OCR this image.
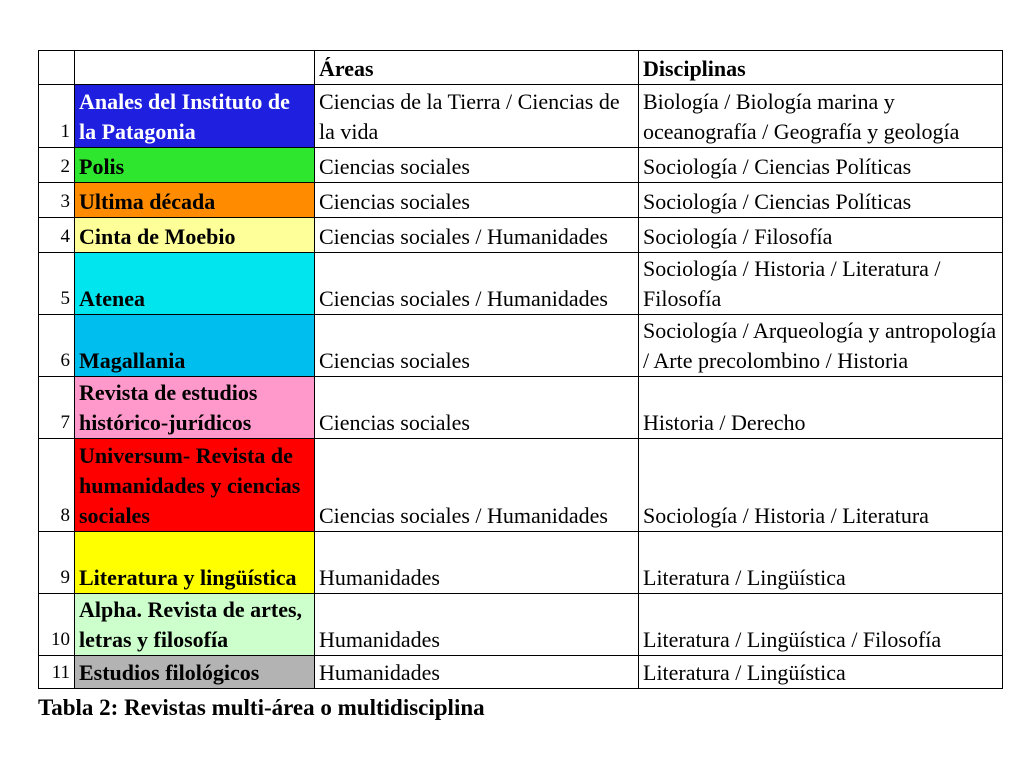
		Áreas	Disciplinas
1	Anales del Instituto de la Patagonia	Ciencias de la Tierra / Ciencias de la vida	Biología / Biología marina y oceanografía / Geografía y geología
2	Polis	Ciencias sociales	Sociología / Ciencias Políticas
3	Ultima década	Ciencias sociales	Sociología / Ciencias Políticas
4	Cinta de Moebio	Ciencias sociales / Humanidades	Sociología / Filosofía
5	Atenea	Ciencias sociales / Humanidades	Sociología / Historia / Literatura / Filosofía
6	Magallania	Ciencias sociales	Sociología / Arqueología y antropología / Arte precolombino / Historia
7	Revista de estudios histórico-jurídicos	Ciencias sociales	Historia / Derecho
8	Universum- Revista de humanidades y ciencias sociales	Ciencias sociales / Humanidades	Sociología / Historia / Literatura
9	Literatura y lingüística	Humanidades	Literatura / Lingüística
10	Alpha. Revista de artes, letras y filosofía	Humanidades	Literatura / Lingüística / Filosofía
11	Estudios filológicos	Humanidades	Literatura / Lingüística
Tabla 2: Revistas multi-área o multidisciplina
